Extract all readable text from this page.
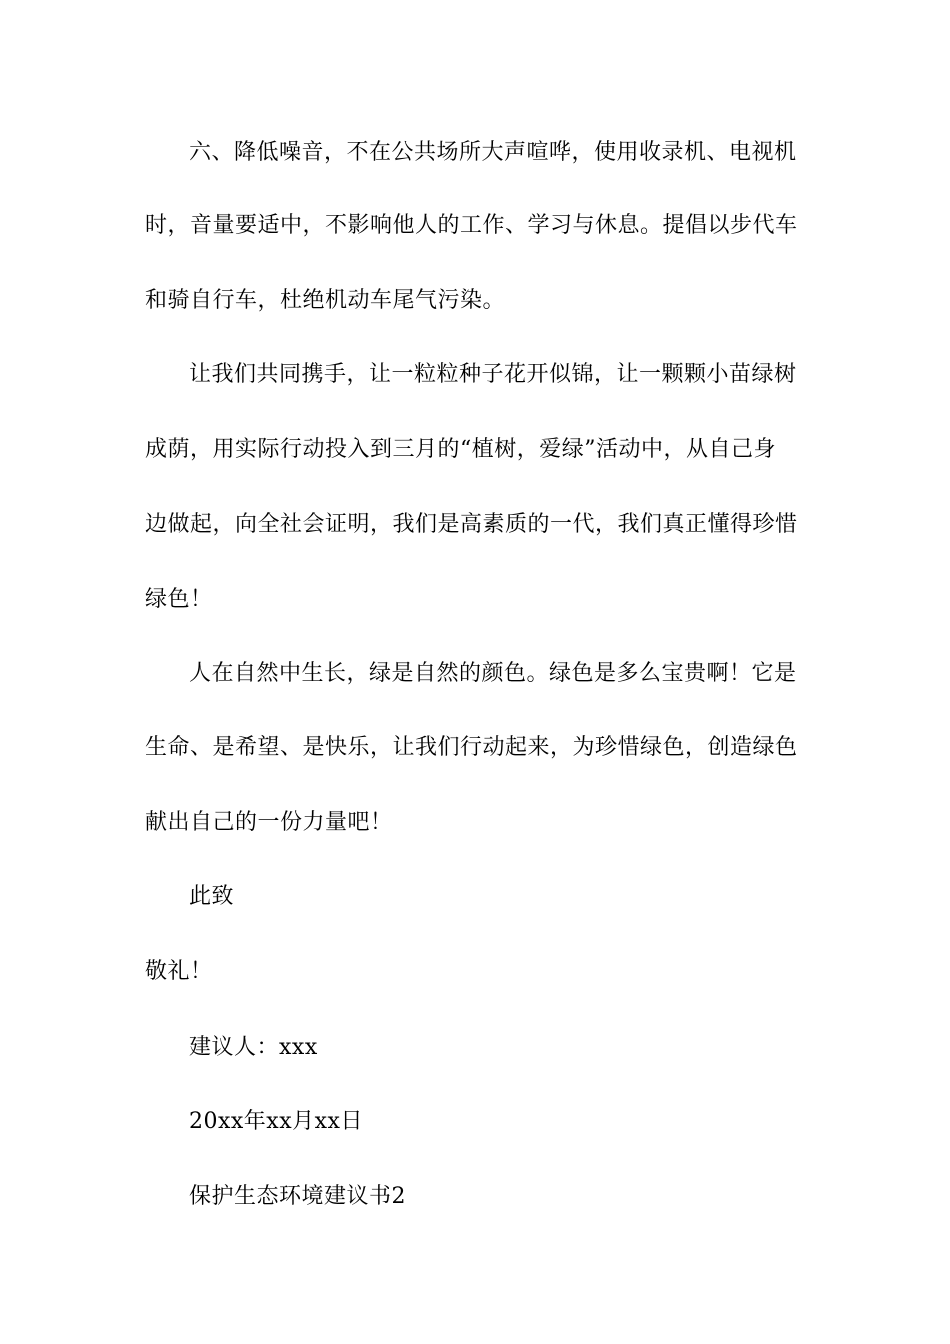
六、降低噪音，不在公共场所大声喧哗，使用收录机、电视机
时，音量要适中，不影响他人的工作、学习与休息。提倡以步代车
和骑自行车，杜绝机动车尾气污染。
让我们共同携手，让一粒粒种子花开似锦，让一颗颗小苗绿树
成荫，用实际行动投入到三月的“植树，爱绿”活动中，从自己身
边做起，向全社会证明，我们是高素质的一代，我们真正懂得珍惜
绿色！
人在自然中生长，绿是自然的颜色。绿色是多么宝贵啊！它是
生命、是希望、是快乐，让我们行动起来，为珍惜绿色，创造绿色
献出自己的一份力量吧！
此致
敬礼！
建议人：xxx
20xx年xx月xx日
保护生态环境建议书2
